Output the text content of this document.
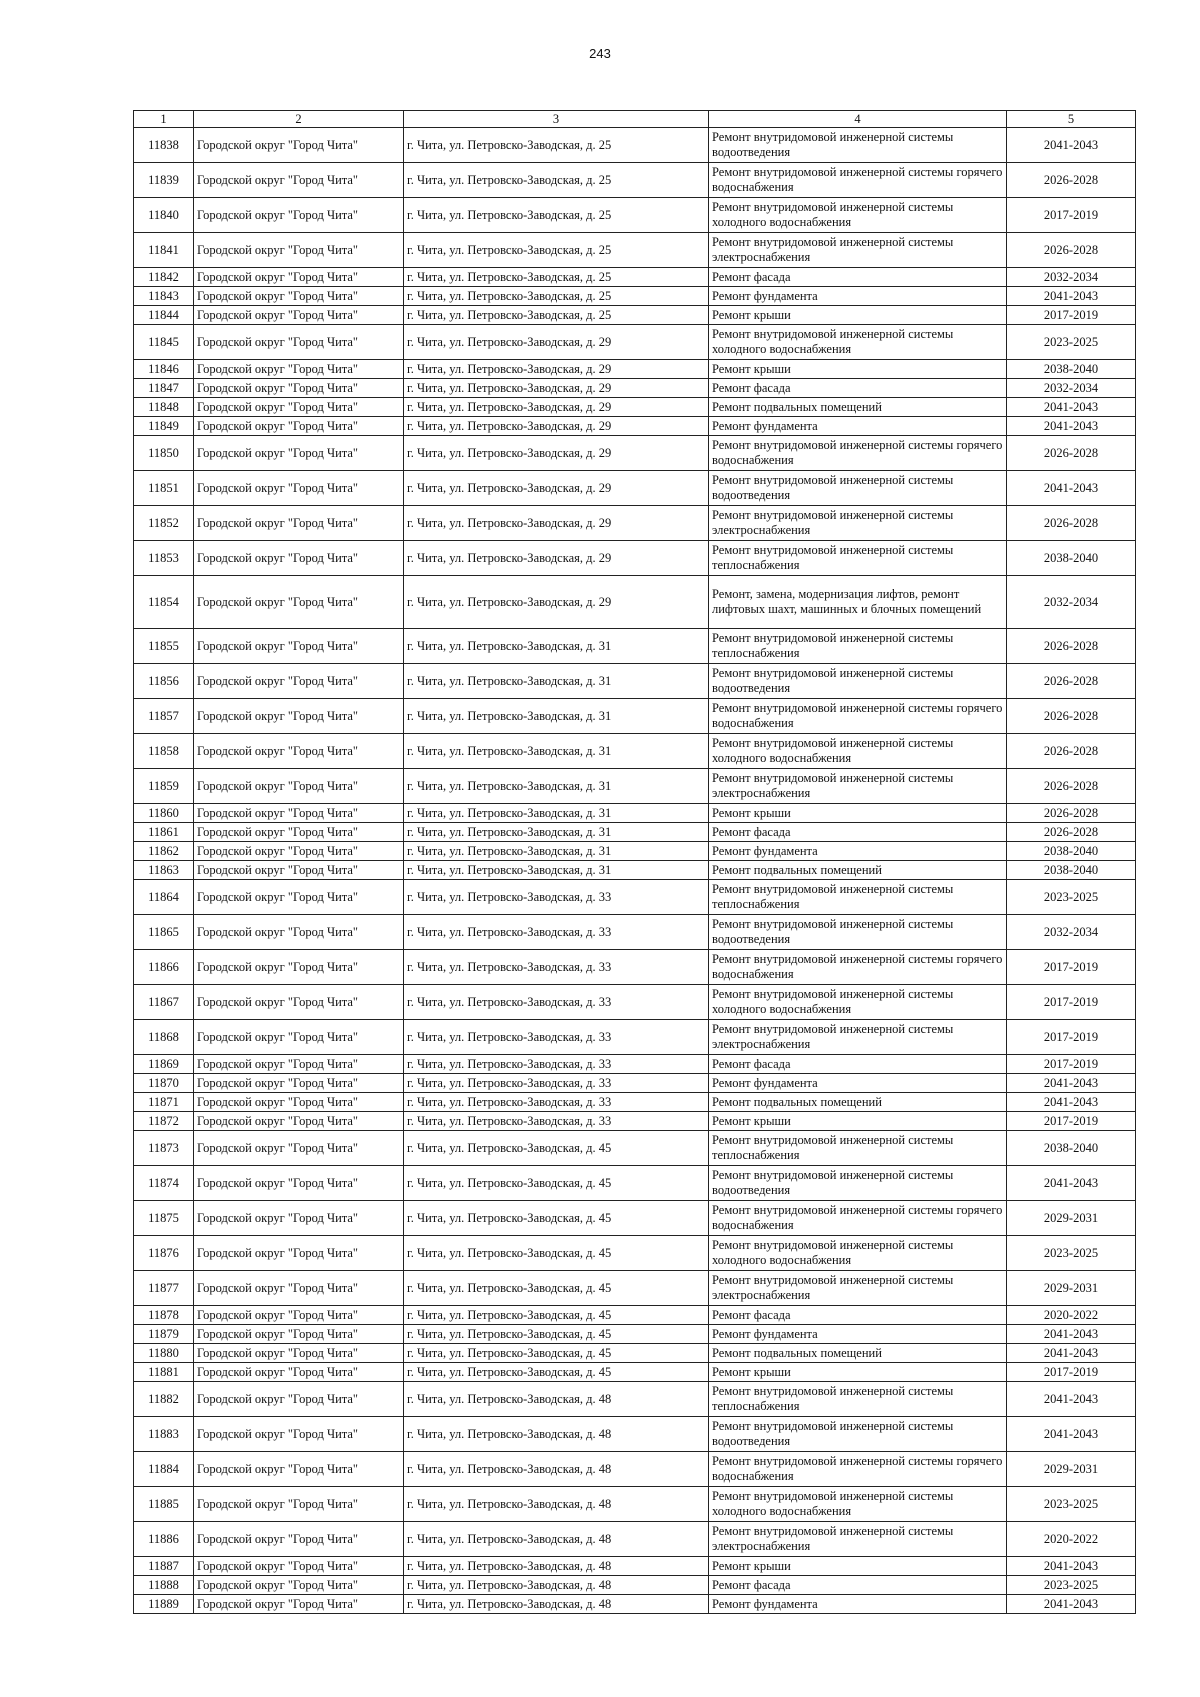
243
1	2	3	4	5
11838	Городской округ "Город Чита"	г. Чита, ул. Петровско-Заводская, д. 25	Ремонт внутридомовой инженерной системы водоотведения	2041-2043
11839	Городской округ "Город Чита"	г. Чита, ул. Петровско-Заводская, д. 25	Ремонт внутридомовой инженерной системы горячего водоснабжения	2026-2028
11840	Городской округ "Город Чита"	г. Чита, ул. Петровско-Заводская, д. 25	Ремонт внутридомовой инженерной системы холодного водоснабжения	2017-2019
11841	Городской округ "Город Чита"	г. Чита, ул. Петровско-Заводская, д. 25	Ремонт внутридомовой инженерной системы электроснабжения	2026-2028
11842	Городской округ "Город Чита"	г. Чита, ул. Петровско-Заводская, д. 25	Ремонт фасада	2032-2034
11843	Городской округ "Город Чита"	г. Чита, ул. Петровско-Заводская, д. 25	Ремонт фундамента	2041-2043
11844	Городской округ "Город Чита"	г. Чита, ул. Петровско-Заводская, д. 25	Ремонт крыши	2017-2019
11845	Городской округ "Город Чита"	г. Чита, ул. Петровско-Заводская, д. 29	Ремонт внутридомовой инженерной системы холодного водоснабжения	2023-2025
11846	Городской округ "Город Чита"	г. Чита, ул. Петровско-Заводская, д. 29	Ремонт крыши	2038-2040
11847	Городской округ "Город Чита"	г. Чита, ул. Петровско-Заводская, д. 29	Ремонт фасада	2032-2034
11848	Городской округ "Город Чита"	г. Чита, ул. Петровско-Заводская, д. 29	Ремонт подвальных помещений	2041-2043
11849	Городской округ "Город Чита"	г. Чита, ул. Петровско-Заводская, д. 29	Ремонт фундамента	2041-2043
11850	Городской округ "Город Чита"	г. Чита, ул. Петровско-Заводская, д. 29	Ремонт внутридомовой инженерной системы горячего водоснабжения	2026-2028
11851	Городской округ "Город Чита"	г. Чита, ул. Петровско-Заводская, д. 29	Ремонт внутридомовой инженерной системы водоотведения	2041-2043
11852	Городской округ "Город Чита"	г. Чита, ул. Петровско-Заводская, д. 29	Ремонт внутридомовой инженерной системы электроснабжения	2026-2028
11853	Городской округ "Город Чита"	г. Чита, ул. Петровско-Заводская, д. 29	Ремонт внутридомовой инженерной системы теплоснабжения	2038-2040
11854	Городской округ "Город Чита"	г. Чита, ул. Петровско-Заводская, д. 29	Ремонт, замена, модернизация лифтов, ремонт лифтовых шахт, машинных и блочных помещений	2032-2034
11855	Городской округ "Город Чита"	г. Чита, ул. Петровско-Заводская, д. 31	Ремонт внутридомовой инженерной системы теплоснабжения	2026-2028
11856	Городской округ "Город Чита"	г. Чита, ул. Петровско-Заводская, д. 31	Ремонт внутридомовой инженерной системы водоотведения	2026-2028
11857	Городской округ "Город Чита"	г. Чита, ул. Петровско-Заводская, д. 31	Ремонт внутридомовой инженерной системы горячего водоснабжения	2026-2028
11858	Городской округ "Город Чита"	г. Чита, ул. Петровско-Заводская, д. 31	Ремонт внутридомовой инженерной системы холодного водоснабжения	2026-2028
11859	Городской округ "Город Чита"	г. Чита, ул. Петровско-Заводская, д. 31	Ремонт внутридомовой инженерной системы электроснабжения	2026-2028
11860	Городской округ "Город Чита"	г. Чита, ул. Петровско-Заводская, д. 31	Ремонт крыши	2026-2028
11861	Городской округ "Город Чита"	г. Чита, ул. Петровско-Заводская, д. 31	Ремонт фасада	2026-2028
11862	Городской округ "Город Чита"	г. Чита, ул. Петровско-Заводская, д. 31	Ремонт фундамента	2038-2040
11863	Городской округ "Город Чита"	г. Чита, ул. Петровско-Заводская, д. 31	Ремонт подвальных помещений	2038-2040
11864	Городской округ "Город Чита"	г. Чита, ул. Петровско-Заводская, д. 33	Ремонт внутридомовой инженерной системы теплоснабжения	2023-2025
11865	Городской округ "Город Чита"	г. Чита, ул. Петровско-Заводская, д. 33	Ремонт внутридомовой инженерной системы водоотведения	2032-2034
11866	Городской округ "Город Чита"	г. Чита, ул. Петровско-Заводская, д. 33	Ремонт внутридомовой инженерной системы горячего водоснабжения	2017-2019
11867	Городской округ "Город Чита"	г. Чита, ул. Петровско-Заводская, д. 33	Ремонт внутридомовой инженерной системы холодного водоснабжения	2017-2019
11868	Городской округ "Город Чита"	г. Чита, ул. Петровско-Заводская, д. 33	Ремонт внутридомовой инженерной системы электроснабжения	2017-2019
11869	Городской округ "Город Чита"	г. Чита, ул. Петровско-Заводская, д. 33	Ремонт фасада	2017-2019
11870	Городской округ "Город Чита"	г. Чита, ул. Петровско-Заводская, д. 33	Ремонт фундамента	2041-2043
11871	Городской округ "Город Чита"	г. Чита, ул. Петровско-Заводская, д. 33	Ремонт подвальных помещений	2041-2043
11872	Городской округ "Город Чита"	г. Чита, ул. Петровско-Заводская, д. 33	Ремонт крыши	2017-2019
11873	Городской округ "Город Чита"	г. Чита, ул. Петровско-Заводская, д. 45	Ремонт внутридомовой инженерной системы теплоснабжения	2038-2040
11874	Городской округ "Город Чита"	г. Чита, ул. Петровско-Заводская, д. 45	Ремонт внутридомовой инженерной системы водоотведения	2041-2043
11875	Городской округ "Город Чита"	г. Чита, ул. Петровско-Заводская, д. 45	Ремонт внутридомовой инженерной системы горячего водоснабжения	2029-2031
11876	Городской округ "Город Чита"	г. Чита, ул. Петровско-Заводская, д. 45	Ремонт внутридомовой инженерной системы холодного водоснабжения	2023-2025
11877	Городской округ "Город Чита"	г. Чита, ул. Петровско-Заводская, д. 45	Ремонт внутридомовой инженерной системы электроснабжения	2029-2031
11878	Городской округ "Город Чита"	г. Чита, ул. Петровско-Заводская, д. 45	Ремонт фасада	2020-2022
11879	Городской округ "Город Чита"	г. Чита, ул. Петровско-Заводская, д. 45	Ремонт фундамента	2041-2043
11880	Городской округ "Город Чита"	г. Чита, ул. Петровско-Заводская, д. 45	Ремонт подвальных помещений	2041-2043
11881	Городской округ "Город Чита"	г. Чита, ул. Петровско-Заводская, д. 45	Ремонт крыши	2017-2019
11882	Городской округ "Город Чита"	г. Чита, ул. Петровско-Заводская, д. 48	Ремонт внутридомовой инженерной системы теплоснабжения	2041-2043
11883	Городской округ "Город Чита"	г. Чита, ул. Петровско-Заводская, д. 48	Ремонт внутридомовой инженерной системы водоотведения	2041-2043
11884	Городской округ "Город Чита"	г. Чита, ул. Петровско-Заводская, д. 48	Ремонт внутридомовой инженерной системы горячего водоснабжения	2029-2031
11885	Городской округ "Город Чита"	г. Чита, ул. Петровско-Заводская, д. 48	Ремонт внутридомовой инженерной системы холодного водоснабжения	2023-2025
11886	Городской округ "Город Чита"	г. Чита, ул. Петровско-Заводская, д. 48	Ремонт внутридомовой инженерной системы электроснабжения	2020-2022
11887	Городской округ "Город Чита"	г. Чита, ул. Петровско-Заводская, д. 48	Ремонт крыши	2041-2043
11888	Городской округ "Город Чита"	г. Чита, ул. Петровско-Заводская, д. 48	Ремонт фасада	2023-2025
11889	Городской округ "Город Чита"	г. Чита, ул. Петровско-Заводская, д. 48	Ремонт фундамента	2041-2043
